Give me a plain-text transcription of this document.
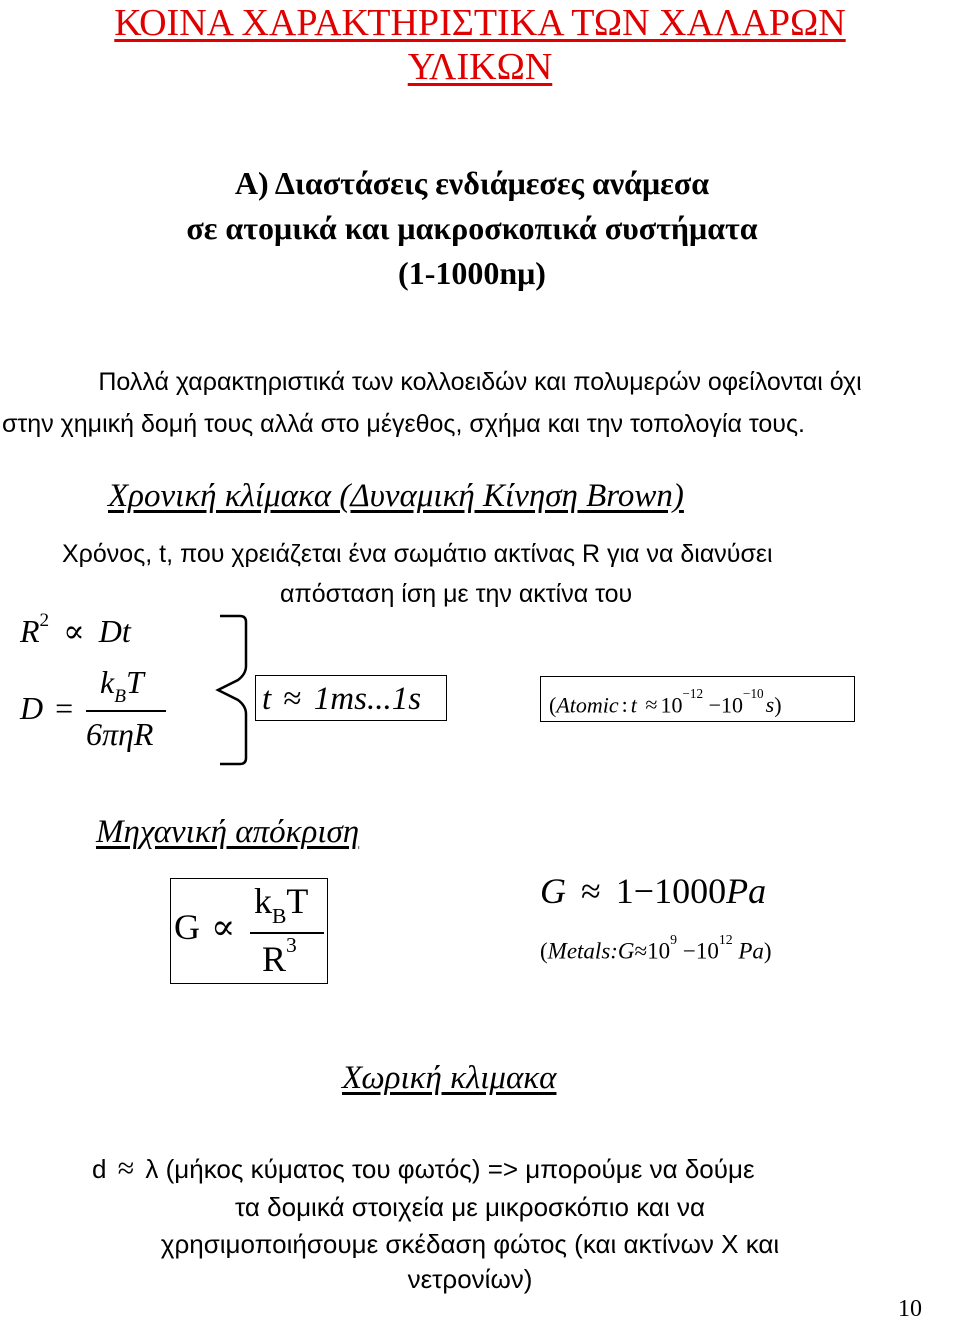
ΚΟΙΝΑ ΧΑΡΑΚΤΗΡΙΣΤΙΚΑ ΤΩΝ ΧΑΛΑΡΩΝ
ΥΛΙΚΩΝ
Α) Διαστάσεις ενδιάμεσες ανάμεσα
σε ατομικά και μακροσκοπικά συστήματα
(1-1000nμ)
Πολλά χαρακτηριστικά των κολλοειδών και πολυμερών οφείλονται όχι
στην χημική δομή τους αλλά στο μέγεθος, σχήμα και την τοπολογία τους.
Χρονική κλίμακα (Δυναμική Κίνηση Brown)
Χρόνος, t, που χρειάζεται ένα σωμάτιο ακτίνας R για να διανύσει
απόσταση ίση με την ακτίνα του
$R^2 \propto Dt$
D =
$k_BT$
6πηR
t ≈ 1ms...1s	(Atomic : $t \approx 10^{-12} -10^{-10}s$)
Μηχανική απόκριση
G ∝
$k_BT$
$R^3$
G ≈ 1−1000Pa
($Metals:G\approx 10^9 -10^{12}$ Pa)
Χωρική κλιμακα
d ≈ λ (μήκος κύματος του φωτός) => μπορούμε να δούμε
τα δομικά στοιχεία με μικροσκόπιο και να
χρησιμοποιήσουμε σκέδαση φώτος (και ακτίνων Χ και
νετρονίων)
10
